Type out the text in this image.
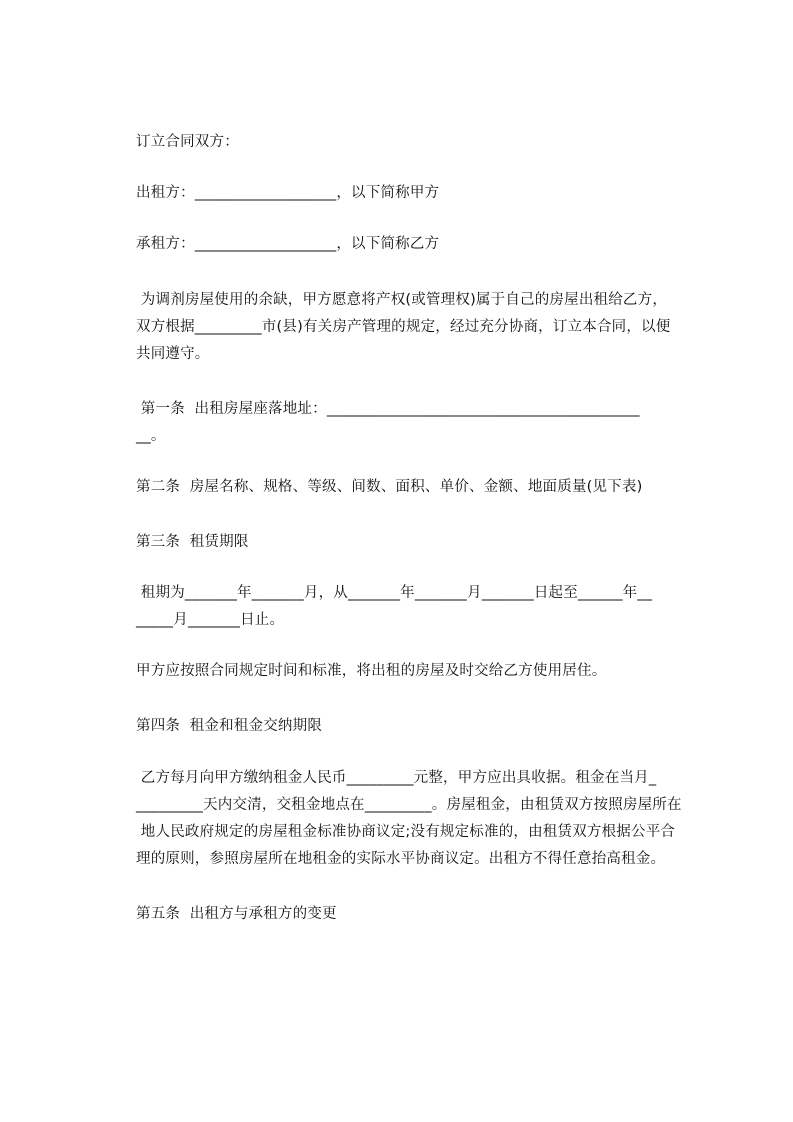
订立合同双方：
出租方：___________________，以下简称甲方
承租方：___________________，以下简称乙方
为调剂房屋使用的余缺，甲方愿意将产权(或管理权)属于自己的房屋出租给乙方，
双方根据_________市(县)有关房产管理的规定，经过充分协商，订立本合同，以便
共同遵守。
第一条  出租房屋座落地址：__________________________________________
__。
第二条  房屋名称、规格、等级、间数、面积、单价、金额、地面质量(见下表)
第三条  租赁期限
租期为_______年_______月，从_______年_______月_______日起至______年__
_____月_______日止。
甲方应按照合同规定时间和标准，将出租的房屋及时交给乙方使用居住。
第四条  租金和租金交纳期限
乙方每月向甲方缴纳租金人民币_________元整，甲方应出具收据。租金在当月_
_________天内交清，交租金地点在_________。房屋租金，由租赁双方按照房屋所在
地人民政府规定的房屋租金标准协商议定;没有规定标准的，由租赁双方根据公平合
理的原则，参照房屋所在地租金的实际水平协商议定。出租方不得任意抬高租金。
第五条  出租方与承租方的变更
